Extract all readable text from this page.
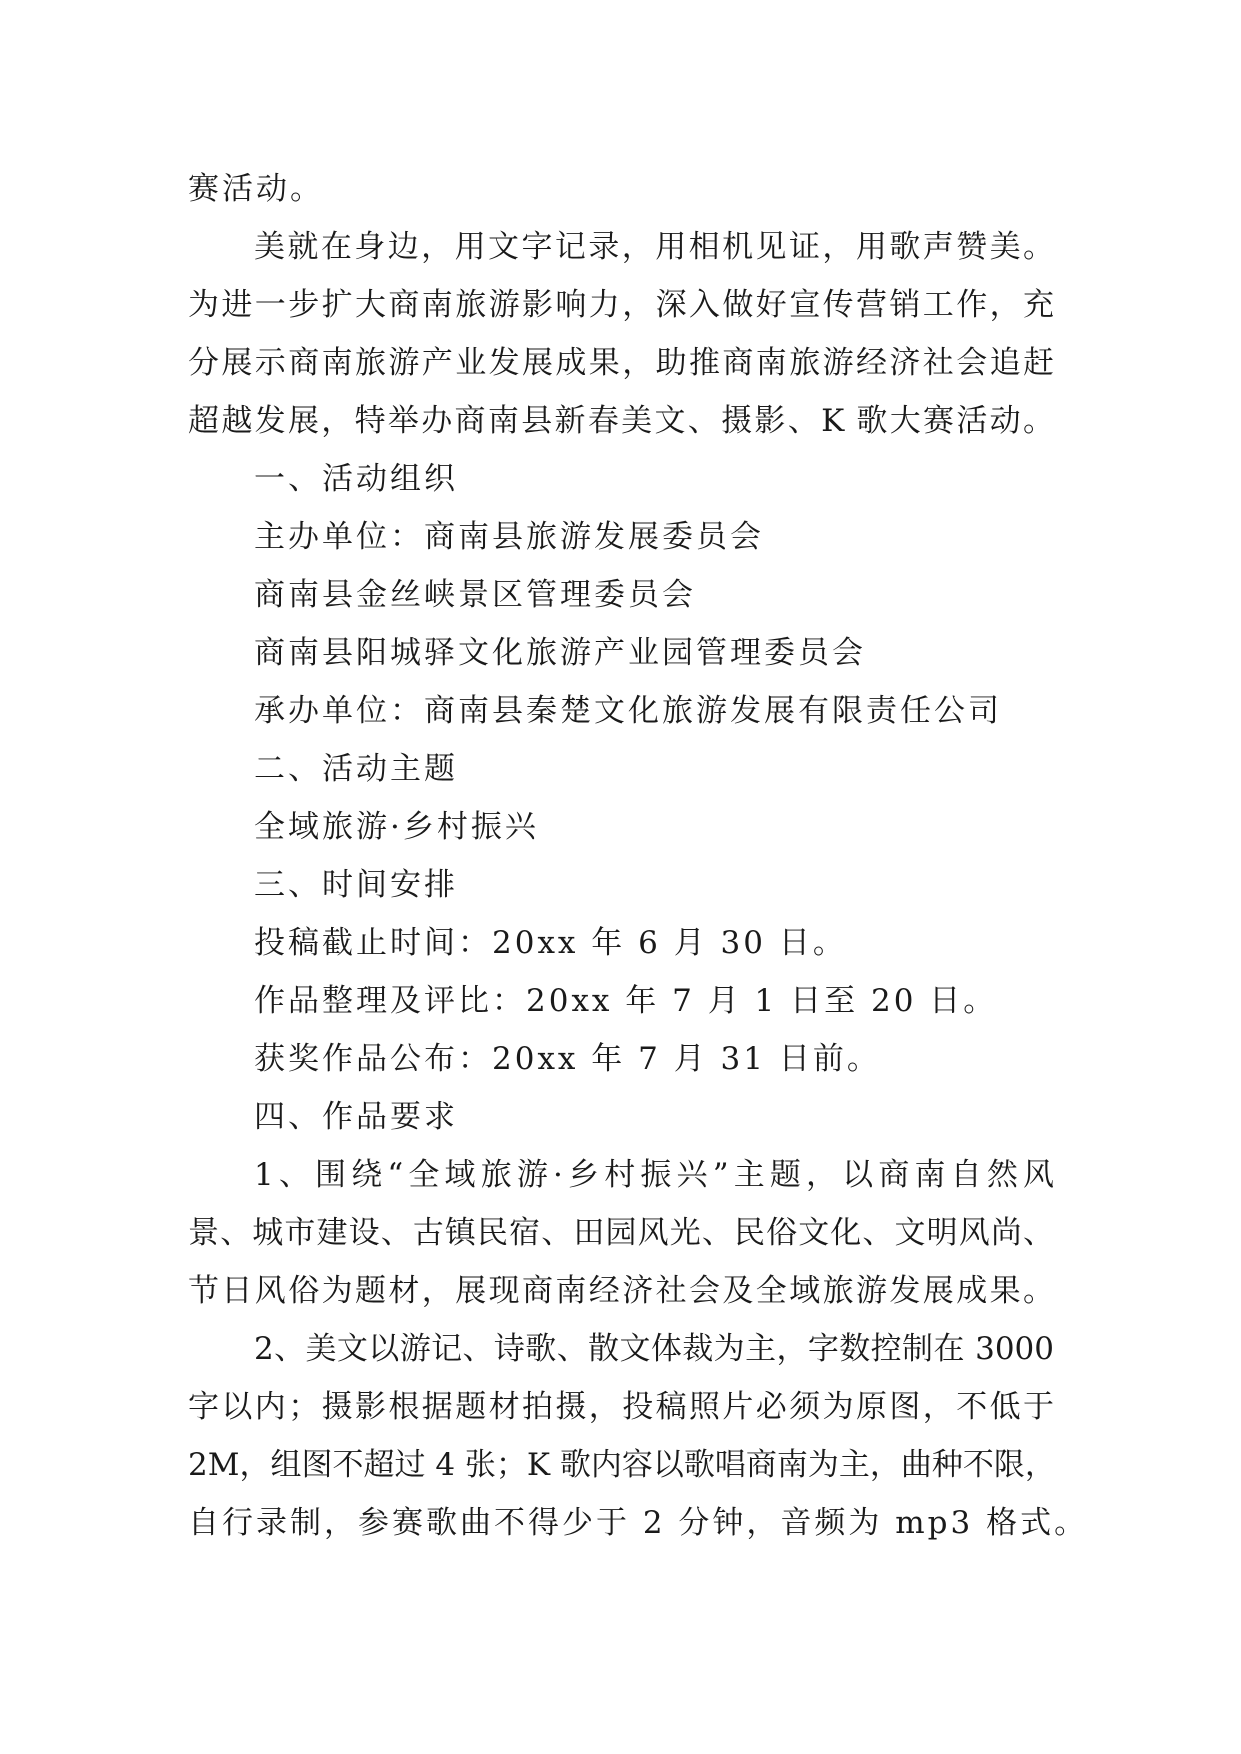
赛活动。
美就在身边，用文字记录，用相机见证，用歌声赞美。
为进一步扩大商南旅游影响力，深入做好宣传营销工作，充
分展示商南旅游产业发展成果，助推商南旅游经济社会追赶
超越发展，特举办商南县新春美文、摄影、K 歌大赛活动。
一、活动组织
主办单位：商南县旅游发展委员会
商南县金丝峡景区管理委员会
商南县阳城驿文化旅游产业园管理委员会
承办单位：商南县秦楚文化旅游发展有限责任公司
二、活动主题
全域旅游·乡村振兴
三、时间安排
投稿截止时间：20xx 年 6 月 30 日。
作品整理及评比：20xx 年 7 月 1 日至 20 日。
获奖作品公布：20xx 年 7 月 31 日前。
四、作品要求
1、围绕“全域旅游·乡村振兴”主题，以商南自然风
景、城市建设、古镇民宿、田园风光、民俗文化、文明风尚、
节日风俗为题材，展现商南经济社会及全域旅游发展成果。
2、美文以游记、诗歌、散文体裁为主，字数控制在 3000
字以内；摄影根据题材拍摄，投稿照片必须为原图，不低于
2M，组图不超过 4 张；K 歌内容以歌唱商南为主，曲种不限，
自行录制，参赛歌曲不得少于 2 分钟，音频为 mp3 格式。
